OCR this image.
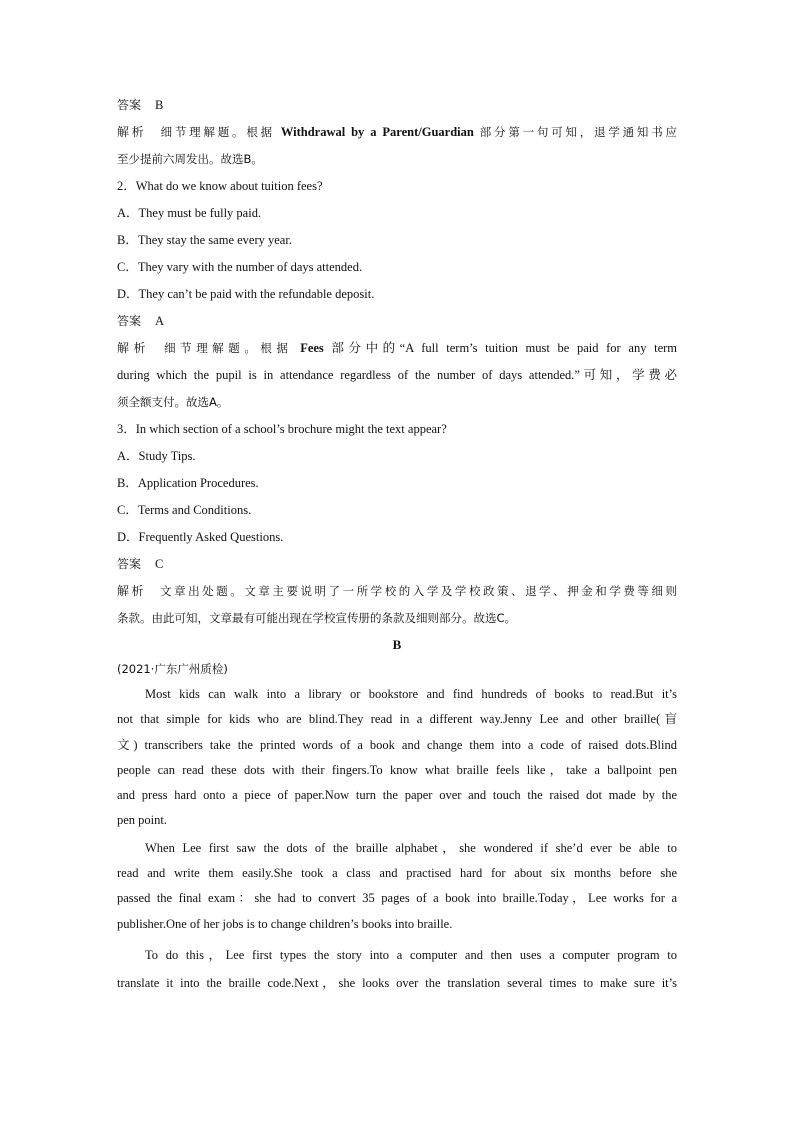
答案 B
解析 细节理解题。根据 Withdrawal by a Parent/Guardian 部分第一句可知，退学通知书应
至少提前六周发出。故选B。
2．What do we know about tuition fees?
A．They must be fully paid.
B．They stay the same every year.
C．They vary with the number of days attended.
D．They can’t be paid with the refundable deposit.
答案 A
解析 细节理解题。根据 Fees 部分中的“A full term’s tuition must be paid for any term
during which the pupil is in attendance regardless of the number of days attended.”可知，学费必
须全额支付。故选A。
3．In which section of a school’s brochure might the text appear?
A．Study Tips.
B．Application Procedures.
C．Terms and Conditions.
D．Frequently Asked Questions.
答案 C
解析 文章出处题。文章主要说明了一所学校的入学及学校政策、退学、押金和学费等细则
条款。由此可知，文章最有可能出现在学校宣传册的条款及细则部分。故选C。
B
(2021·广东广州质检)
Most kids can walk into a library or bookstore and find hundreds of books to read.But it’s
not that simple for kids who are blind.They read in a different way.Jenny Lee and other braille(盲
文) transcribers take the printed words of a book and change them into a code of raised dots.Blind
people can read these dots with their fingers.To know what braille feels like，take a ballpoint pen
and press hard onto a piece of paper.Now turn the paper over and touch the raised dot made by the
pen point.
When Lee first saw the dots of the braille alphabet，she wondered if she’d ever be able to
read and write them easily.She took a class and practised hard for about six months before she
passed the final exam：she had to convert 35 pages of a book into braille.Today，Lee works for a
publisher.One of her jobs is to change children’s books into braille.
To do this，Lee first types the story into a computer and then uses a computer program to
translate it into the braille code.Next，she looks over the translation several times to make sure it’s
